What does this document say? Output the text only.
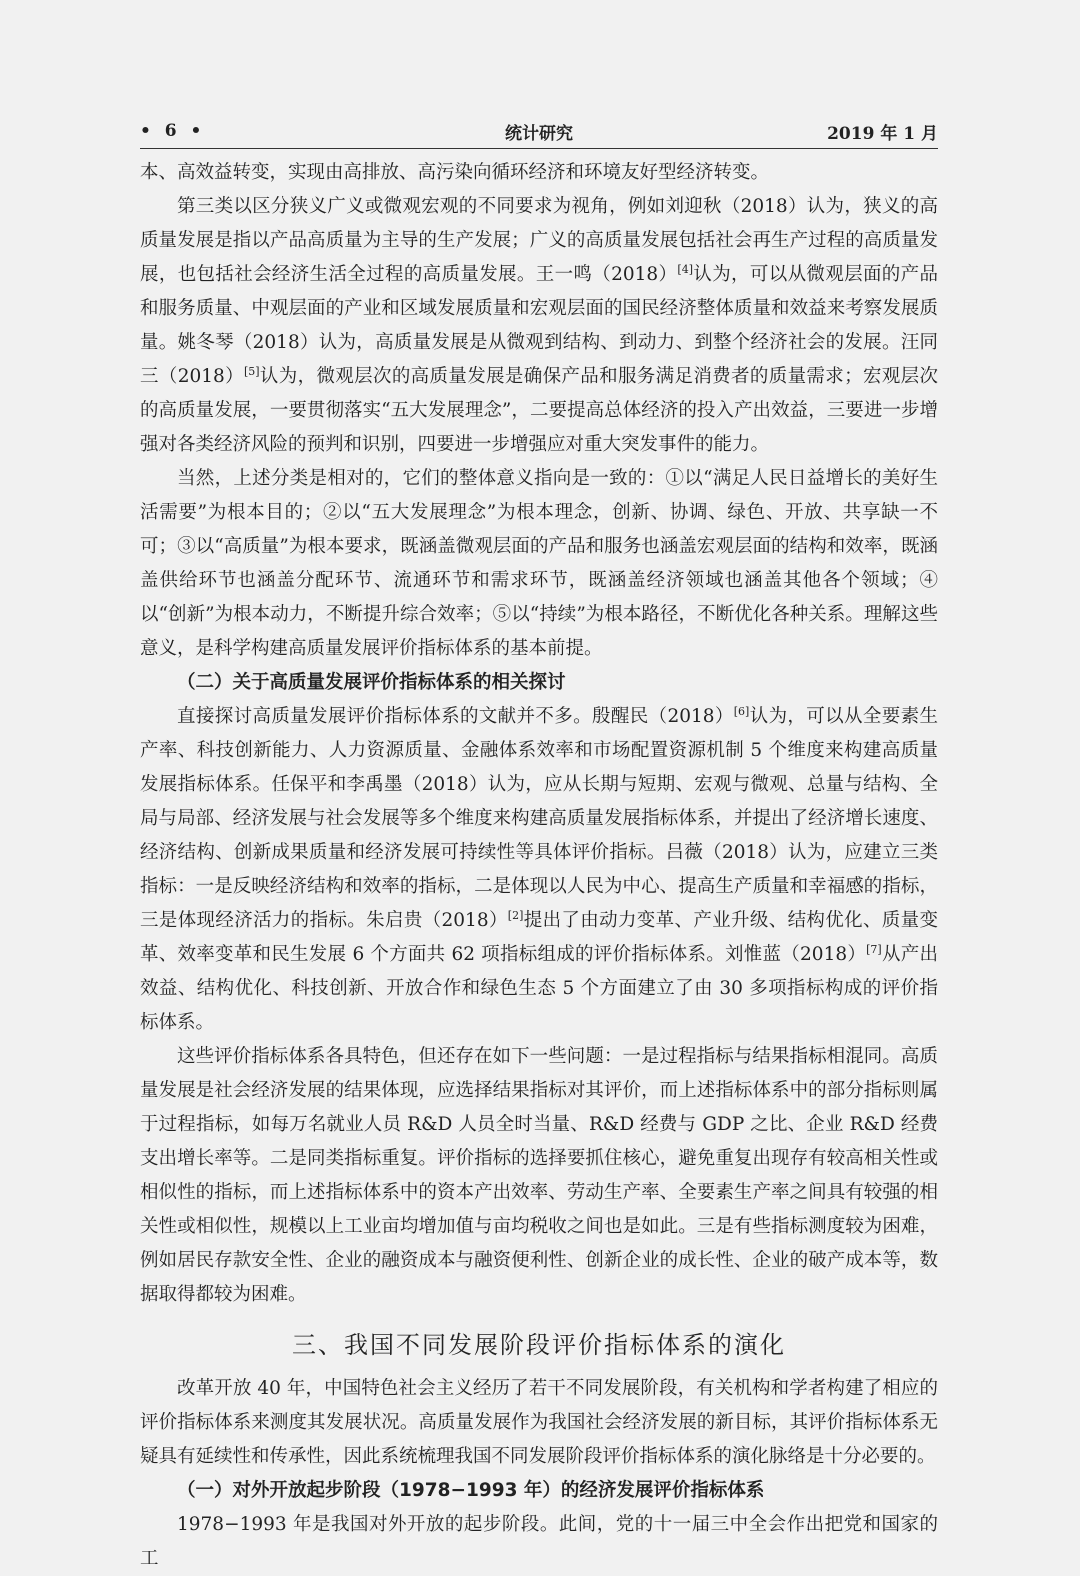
• 6 •	统计研究	2019 年 1 月

本、高效益转变，实现由高排放、高污染向循环经济和环境友好型经济转变。

第三类以区分狭义广义或微观宏观的不同要求为视角，例如刘迎秋（2018）认为，狭义的高质量发展是指以产品高质量为主导的生产发展；广义的高质量发展包括社会再生产过程的高质量发展，也包括社会经济生活全过程的高质量发展。王一鸣（2018）[4]认为，可以从微观层面的产品和服务质量、中观层面的产业和区域发展质量和宏观层面的国民经济整体质量和效益来考察发展质量。姚冬琴（2018）认为，高质量发展是从微观到结构、到动力、到整个经济社会的发展。汪同三（2018）[5]认为，微观层次的高质量发展是确保产品和服务满足消费者的质量需求；宏观层次的高质量发展，一要贯彻落实“五大发展理念”，二要提高总体经济的投入产出效益，三要进一步增强对各类经济风险的预判和识别，四要进一步增强应对重大突发事件的能力。

当然，上述分类是相对的，它们的整体意义指向是一致的：①以“满足人民日益增长的美好生活需要”为根本目的；②以“五大发展理念”为根本理念，创新、协调、绿色、开放、共享缺一不可；③以“高质量”为根本要求，既涵盖微观层面的产品和服务也涵盖宏观层面的结构和效率，既涵盖供给环节也涵盖分配环节、流通环节和需求环节，既涵盖经济领域也涵盖其他各个领域；④以“创新”为根本动力，不断提升综合效率；⑤以“持续”为根本路径，不断优化各种关系。理解这些意义，是科学构建高质量发展评价指标体系的基本前提。

（二）关于高质量发展评价指标体系的相关探讨

直接探讨高质量发展评价指标体系的文献并不多。殷醒民（2018）[6]认为，可以从全要素生产率、科技创新能力、人力资源质量、金融体系效率和市场配置资源机制 5 个维度来构建高质量发展指标体系。任保平和李禹墨（2018）认为，应从长期与短期、宏观与微观、总量与结构、全局与局部、经济发展与社会发展等多个维度来构建高质量发展指标体系，并提出了经济增长速度、经济结构、创新成果质量和经济发展可持续性等具体评价指标。吕薇（2018）认为，应建立三类指标：一是反映经济结构和效率的指标，二是体现以人民为中心、提高生产质量和幸福感的指标，三是体现经济活力的指标。朱启贵（2018）[2]提出了由动力变革、产业升级、结构优化、质量变革、效率变革和民生发展 6 个方面共 62 项指标组成的评价指标体系。刘惟蓝（2018）[7]从产出效益、结构优化、科技创新、开放合作和绿色生态 5 个方面建立了由 30 多项指标构成的评价指标体系。

这些评价指标体系各具特色，但还存在如下一些问题：一是过程指标与结果指标相混同。高质量发展是社会经济发展的结果体现，应选择结果指标对其评价，而上述指标体系中的部分指标则属于过程指标，如每万名就业人员 R&D 人员全时当量、R&D 经费与 GDP 之比、企业 R&D 经费支出增长率等。二是同类指标重复。评价指标的选择要抓住核心，避免重复出现存有较高相关性或相似性的指标，而上述指标体系中的资本产出效率、劳动生产率、全要素生产率之间具有较强的相关性或相似性，规模以上工业亩均增加值与亩均税收之间也是如此。三是有些指标测度较为困难，例如居民存款安全性、企业的融资成本与融资便利性、创新企业的成长性、企业的破产成本等，数据取得都较为困难。

三、我国不同发展阶段评价指标体系的演化

改革开放 40 年，中国特色社会主义经历了若干不同发展阶段，有关机构和学者构建了相应的评价指标体系来测度其发展状况。高质量发展作为我国社会经济发展的新目标，其评价指标体系无疑具有延续性和传承性，因此系统梳理我国不同发展阶段评价指标体系的演化脉络是十分必要的。

（一）对外开放起步阶段（1978−1993 年）的经济发展评价指标体系

1978−1993 年是我国对外开放的起步阶段。此间，党的十一届三中全会作出把党和国家的工
